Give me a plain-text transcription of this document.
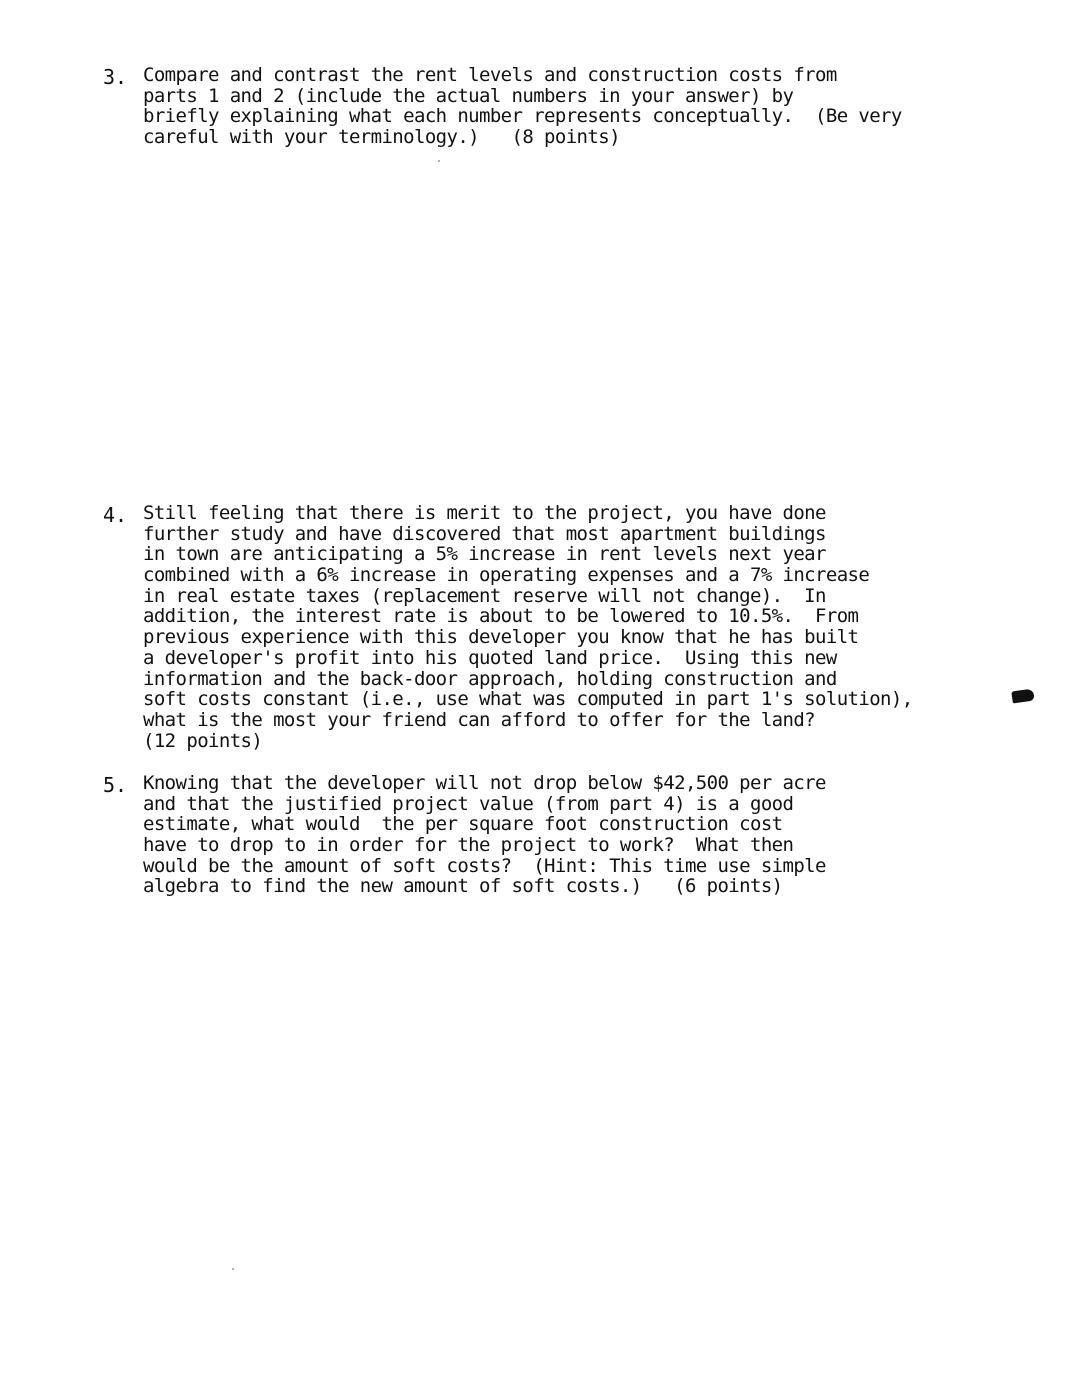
3. Compare and contrast the rent levels and construction costs from
parts 1 and 2 (include the actual numbers in your answer) by
briefly explaining what each number represents conceptually.  (Be very
careful with your terminology.)   (8 points)
4. Still feeling that there is merit to the project, you have done
further study and have discovered that most apartment buildings
in town are anticipating a 5% increase in rent levels next year
combined with a 6% increase in operating expenses and a 7% increase
in real estate taxes (replacement reserve will not change).  In
addition, the interest rate is about to be lowered to 10.5%.  From
previous experience with this developer you know that he has built
a developer's profit into his quoted land price.  Using this new
information and the back-door approach, holding construction and
soft costs constant (i.e., use what was computed in part 1's solution),
what is the most your friend can afford to offer for the land?
(12 points)
5. Knowing that the developer will not drop below $42,500 per acre
and that the justified project value (from part 4) is a good
estimate, what would  the per square foot construction cost
have to drop to in order for the project to work?  What then
would be the amount of soft costs?  (Hint: This time use simple
algebra to find the new amount of soft costs.)   (6 points)
